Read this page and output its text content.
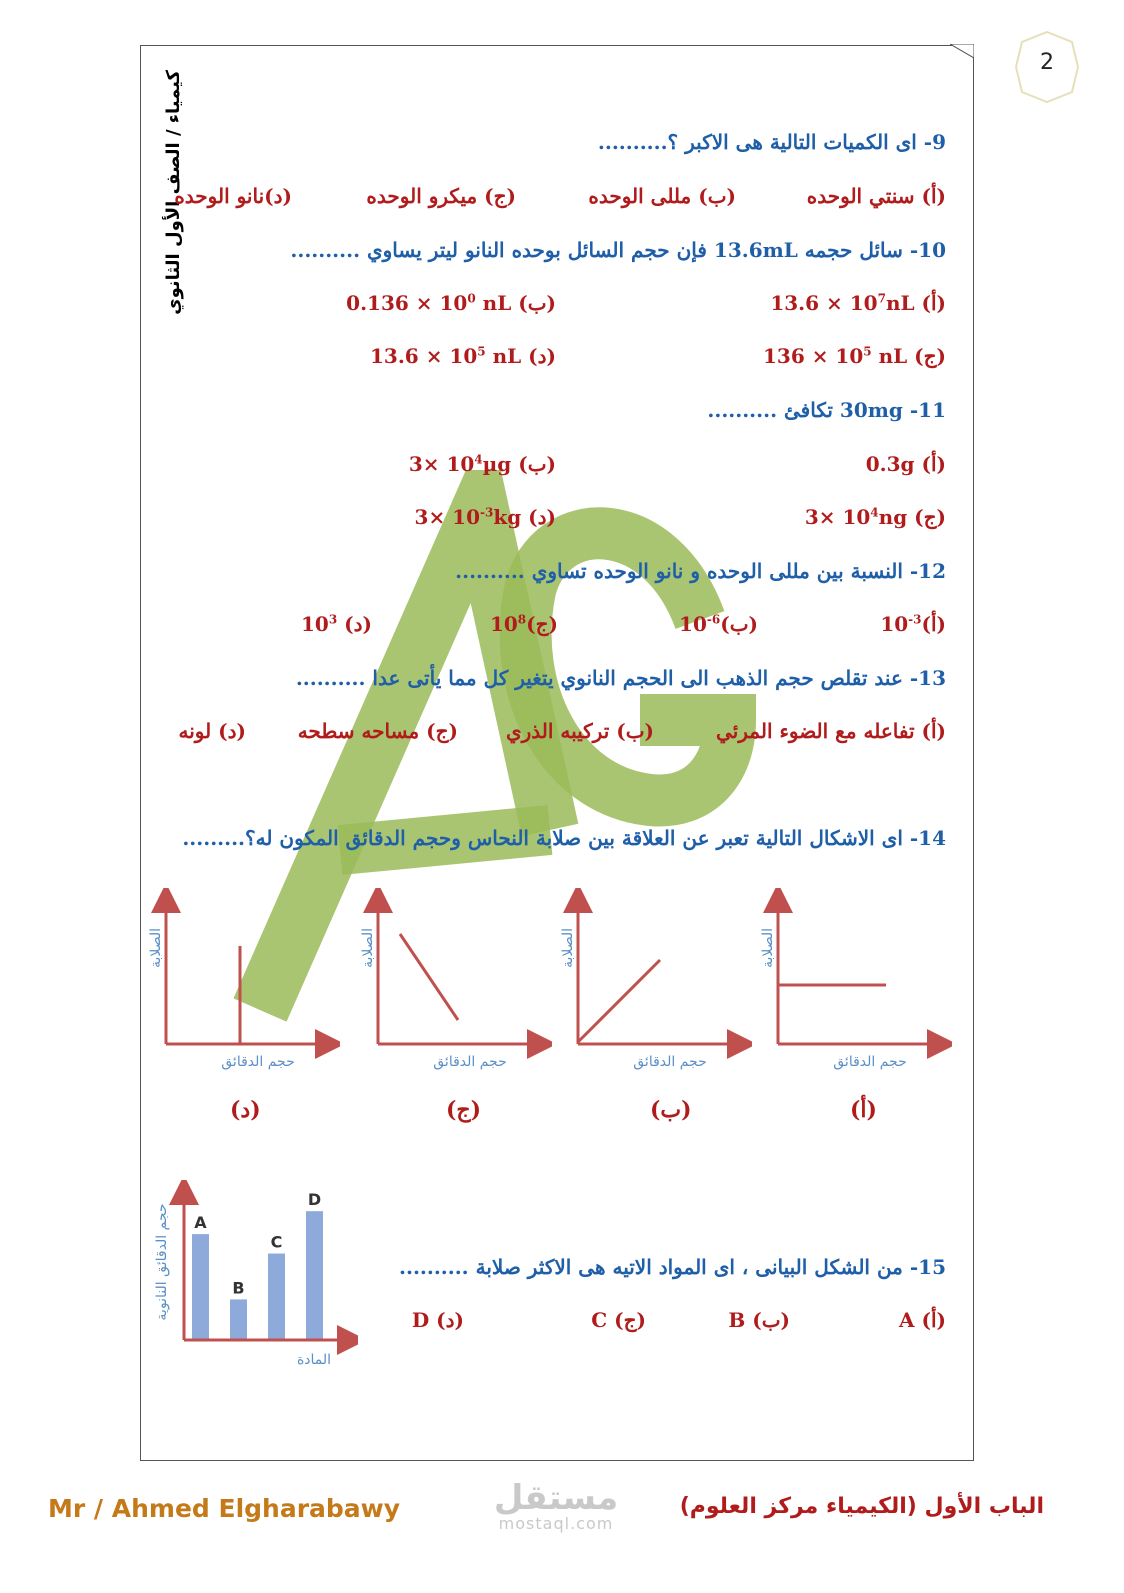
2
كيمياء / الصف الأول الثانوي	9- اى الكميات التالية هى الاكبر ؟..........
(أ) سنتي الوحده
(ب) مللى الوحده
(ج) ميكرو الوحده
(د)نانو الوحده
10- سائل حجمه 13.6mL فإن حجم السائل بوحده النانو ليتر يساوي ..........
(أ) $13.6 \times 10^7nL$
(ب) $0.136 \times 10^0$ nL
(ج) $136 \times 10^5$ nL
(د) $13.6 \times 10^5$ nL
11- 30mg تكافئ ..........
(أ) 0.3g
(ب) $3\times 10^4\mu g$
(ج) $3\times 10^4ng$
(د) $3\times 10^{-3}kg$
12- النسبة بين مللى الوحده و نانو الوحده تساوي ..........
$(أ)10^{-3}$
$(ب)10^{-6}$
$(ج)10^8$
(د) $10^3$
13- عند تقلص حجم الذهب الى الحجم النانوي يتغير كل مما يأتى عدا ..........
(أ) تفاعله مع الضوء المرئي
(ب) تركيبه الذري
(ج) مساحه سطحه
(د) لونه
14- اى الاشكال التالية تعبر عن العلاقة بين صلابة النحاس وحجم الدقائق المكون له؟.........
الصلابة
حجم الدقائق
الصلابة
حجم الدقائق
الصلابة
حجم الدقائق
الصلابة
حجم الدقائق
(أ)
(ب)
(ج)
(د)
A
B
C
D
حجم الدقائق النانوية
المادة
15- من الشكل البيانى ، اى المواد الاتيه هى الاكثر صلابة ..........
(أ) A
(ب) B
(ج) C
(د) D
Mr / Ahmed Elgharabawy	مستقل
mostaql.com
الباب الأول (الكيمياء مركز العلوم)
